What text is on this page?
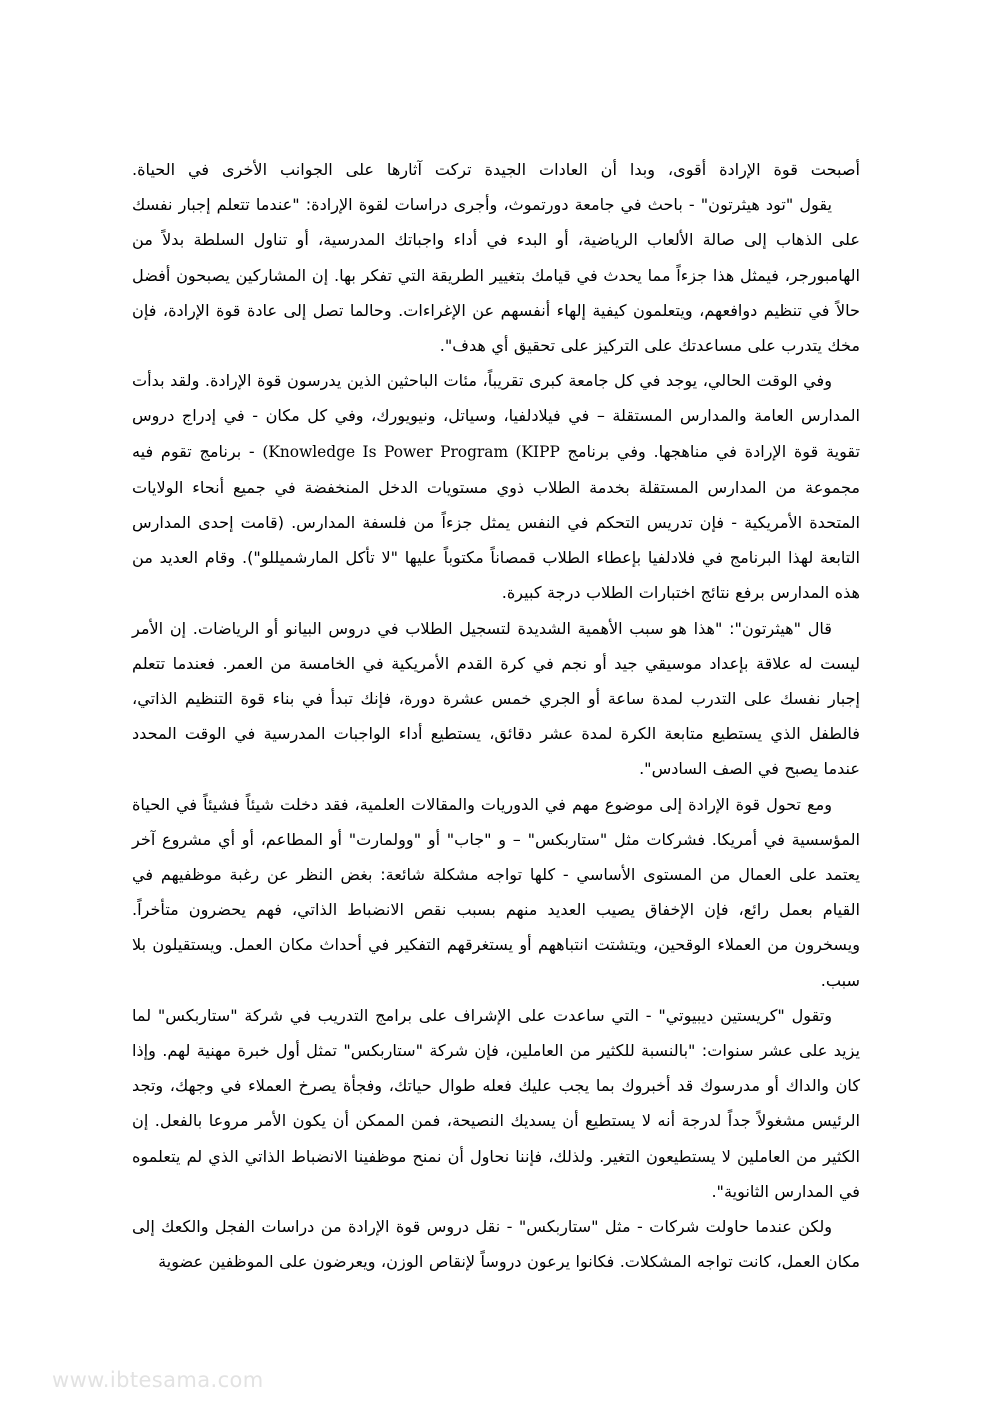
أصبحت قوة الإرادة أقوى، وبدا أن العادات الجيدة تركت آثارها على الجوانب الأخرى في الحياة.

يقول "تود هيثرتون" - باحث في جامعة دورتموث، وأجرى دراسات لقوة الإرادة: "عندما تتعلم إجبار نفسك على الذهاب إلى صالة الألعاب الرياضية، أو البدء في أداء واجباتك المدرسية، أو تناول السلطة بدلاً من الهامبورجر، فيمثل هذا جزءاً مما يحدث في قيامك بتغيير الطريقة التي تفكر بها. إن المشاركين يصبحون أفضل حالاً في تنظيم دوافعهم، ويتعلمون كيفية إلهاء أنفسهم عن الإغراءات. وحالما تصل إلى عادة قوة الإرادة، فإن مخك يتدرب على مساعدتك على التركيز على تحقيق أي هدف".

وفي الوقت الحالي، يوجد في كل جامعة كبرى تقريباً، مئات الباحثين الذين يدرسون قوة الإرادة. ولقد بدأت المدارس العامة والمدارس المستقلة – في فيلادلفيا، وسياتل، ونيويورك، وفي كل مكان - في إدراج دروس تقوية قوة الإرادة في مناهجها. وفي برنامج (Knowledge Is Power Program (KIPP - برنامج تقوم فيه مجموعة من المدارس المستقلة بخدمة الطلاب ذوي مستويات الدخل المنخفضة في جميع أنحاء الولايات المتحدة الأمريكية - فإن تدريس التحكم في النفس يمثل جزءاً من فلسفة المدارس. (قامت إحدى المدارس التابعة لهذا البرنامج في فلادلفيا بإعطاء الطلاب قمصاناً مكتوباً عليها "لا تأكل المارشميللو"). وقام العديد من هذه المدارس برفع نتائج اختبارات الطلاب درجة كبيرة.

قال "هيثرتون": "هذا هو سبب الأهمية الشديدة لتسجيل الطلاب في دروس البيانو أو الرياضات. إن الأمر ليست له علاقة بإعداد موسيقي جيد أو نجم في كرة القدم الأمريكية في الخامسة من العمر. فعندما تتعلم إجبار نفسك على التدرب لمدة ساعة أو الجري خمس عشرة دورة، فإنك تبدأ في بناء قوة التنظيم الذاتي، فالطفل الذي يستطيع متابعة الكرة لمدة عشر دقائق، يستطيع أداء الواجبات المدرسية في الوقت المحدد عندما يصبح في الصف السادس".

ومع تحول قوة الإرادة إلى موضوع مهم في الدوريات والمقالات العلمية، فقد دخلت شيئاً فشيئاً في الحياة المؤسسية في أمريكا. فشركات مثل "ستاربكس" – و "جاب" أو "وولمارت" أو المطاعم، أو أي مشروع آخر يعتمد على العمال من المستوى الأساسي - كلها تواجه مشكلة شائعة: بغض النظر عن رغبة موظفيهم في القيام بعمل رائع، فإن الإخفاق يصيب العديد منهم بسبب نقص الانضباط الذاتي، فهم يحضرون متأخراً. ويسخرون من العملاء الوقحين، ويتشتت انتباههم أو يستغرقهم التفكير في أحداث مكان العمل. ويستقيلون بلا سبب.

وتقول "كريستين ديبيوتي" - التي ساعدت على الإشراف على برامج التدريب في شركة "ستاربكس" لما يزيد على عشر سنوات: "بالنسبة للكثير من العاملين، فإن شركة "ستاربكس" تمثل أول خبرة مهنية لهم. وإذا كان والداك أو مدرسوك قد أخبروك بما يجب عليك فعله طوال حياتك، وفجأة يصرخ العملاء في وجهك، وتجد الرئيس مشغولاً جداً لدرجة أنه لا يستطيع أن يسديك النصيحة، فمن الممكن أن يكون الأمر مروعا بالفعل. إن الكثير من العاملين لا يستطيعون التغير. ولذلك، فإننا نحاول أن نمنح موظفينا الانضباط الذاتي الذي لم يتعلموه في المدارس الثانوية".

ولكن عندما حاولت شركات - مثل "ستاربكس" - نقل دروس قوة الإرادة من دراسات الفجل والكعك إلى مكان العمل، كانت تواجه المشكلات. فكانوا يرعون دروساً لإنقاص الوزن، ويعرضون على الموظفين عضوية

www.ibtesama.com
